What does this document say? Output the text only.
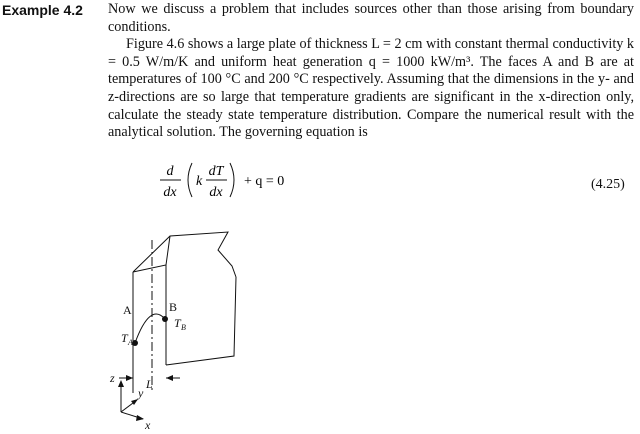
Example 4.2 Now we discuss a problem that includes sources other than those arising from boundary conditions.

Figure 4.6 shows a large plate of thickness L = 2 cm with constant thermal conductivity k = 0.5 W/m/K and uniform heat generation q = 1000 kW/m³. The faces A and B are at temperatures of 100 °C and 200 °C respectively. Assuming that the dimensions in the y- and z-directions are so large that temperature gradients are significant in the x-direction only, calculate the steady state temperature distribution. Compare the numerical result with the analytical solution. The governing equation is

(4.25)
d
dx
k
dT
dx
+ q = 0
A	B
T A
T B
L
z
y
x
